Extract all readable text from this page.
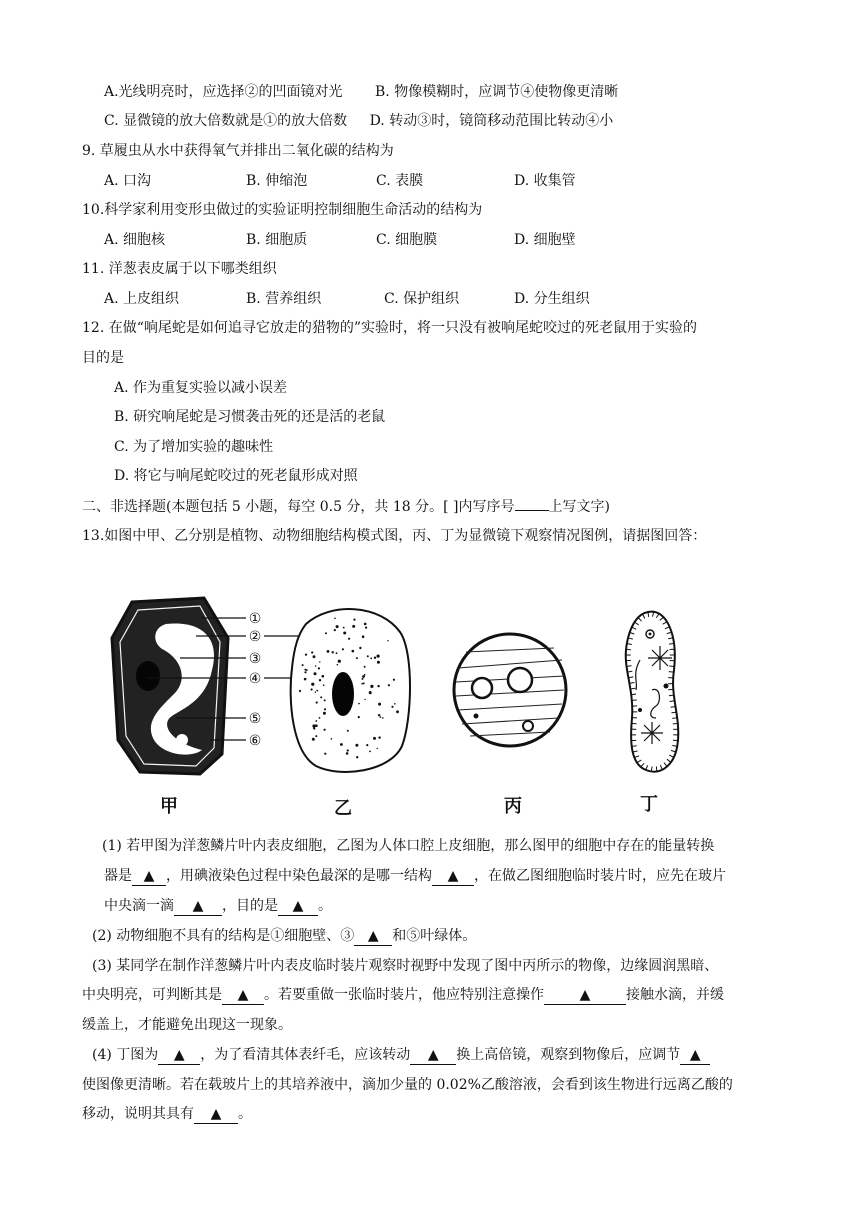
A.光线明亮时，应选择②的凹面镜对光 B. 物像模糊时，应调节④使物像更清晰
C. 显微镜的放大倍数就是①的放大倍数 D. 转动③时，镜筒移动范围比转动④小
9. 草履虫从水中获得氧气并排出二氧化碳的结构为
A. 口沟	B. 伸缩泡	C. 表膜	D. 收集管
10.科学家利用变形虫做过的实验证明控制细胞生命活动的结构为
A. 细胞核	B. 细胞质	C. 细胞膜	D. 细胞壁
11. 洋葱表皮属于以下哪类组织
A. 上皮组织	B. 营养组织	C. 保护组织	D. 分生组织
12. 在做“响尾蛇是如何追寻它放走的猎物的”实验时，将一只没有被响尾蛇咬过的死老鼠用于实验的
目的是
A. 作为重复实验以减小误差
B. 研究响尾蛇是习惯袭击死的还是活的老鼠
C. 为了增加实验的趣味性
D. 将它与响尾蛇咬过的死老鼠形成对照
二、非选择题(本题包括 5 小题，每空 0.5 分，共 18 分。[ ]内写序号 上写文字)
13.如图中甲、乙分别是植物、动物细胞结构模式图，丙、丁为显微镜下观察情况图例，请据图回答：
①
②
③
④
⑤
⑥
甲	乙	丙	丁
(1) 若甲图为洋葱鳞片叶内表皮细胞，乙图为人体口腔上皮细胞，那么图甲的细胞中存在的能量转换
器是 ▲ ，用碘液染色过程中染色最深的是哪一结构 ▲ ，在做乙图细胞临时装片时，应先在玻片
中央滴一滴 ▲ ，目的是 ▲ 。
(2) 动物细胞不具有的结构是①细胞壁、③ ▲ 和⑤叶绿体。
(3) 某同学在制作洋葱鳞片叶内表皮临时装片观察时视野中发现了图中丙所示的物像，边缘圆润黑暗、
中央明亮，可判断其是 ▲ 。若要重做一张临时装片，他应特别注意操作	▲	接触水滴，并缓
缓盖上，才能避免出现这一现象。
(4) 丁图为 ▲ ，为了看清其体表纤毛，应该转动 ▲ 换上高倍镜，观察到物像后，应调节 ▲
使图像更清晰。若在载玻片上的其培养液中，滴加少量的 0.02%乙酸溶液，会看到该生物进行远离乙酸的
移动，说明其具有 ▲ 。
